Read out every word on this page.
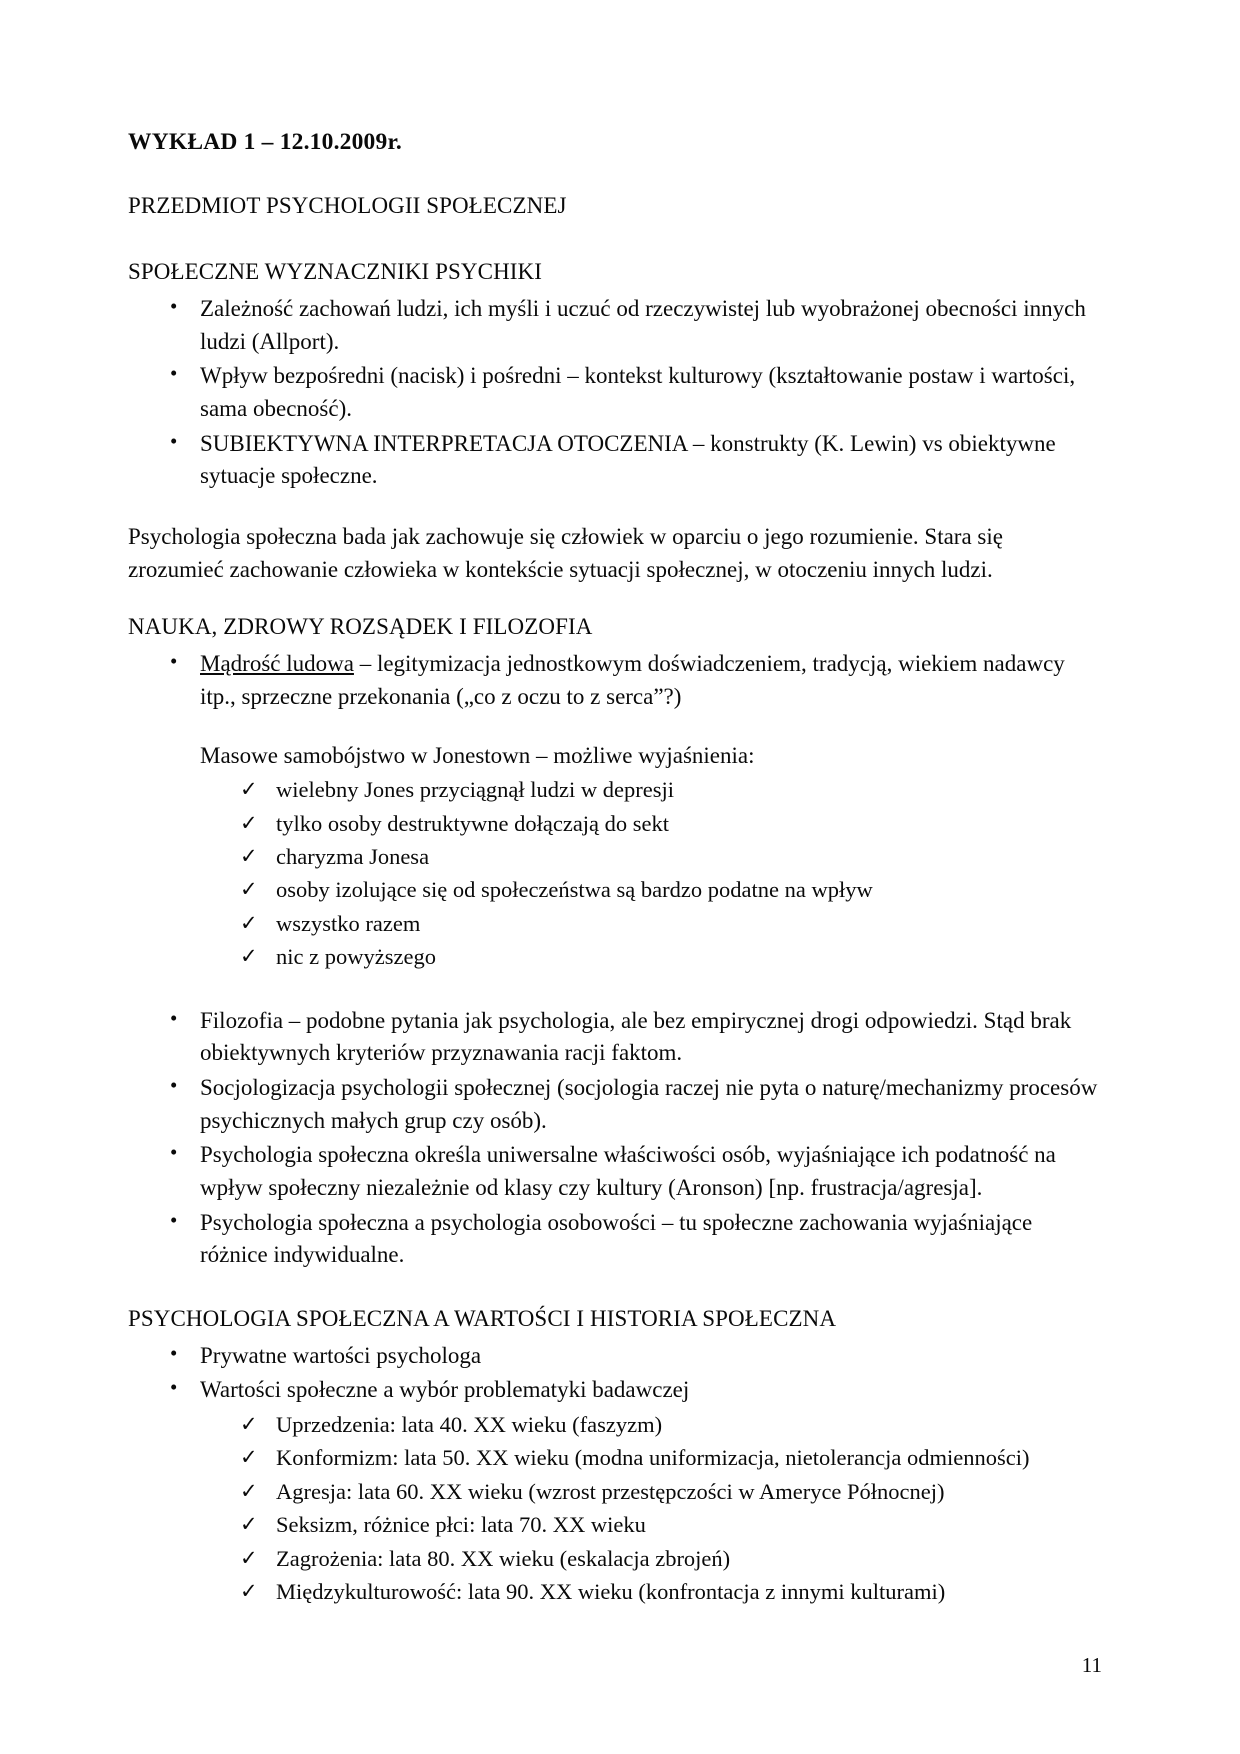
WYKŁAD 1 – 12.10.2009r.

PRZEDMIOT PSYCHOLOGII SPOŁECZNEJ

SPOŁECZNE WYZNACZNIKI PSYCHIKI

• Zależność zachowań ludzi, ich myśli i uczuć od rzeczywistej lub wyobrażonej obecności innych ludzi (Allport).
• Wpływ bezpośredni (nacisk) i pośredni – kontekst kulturowy (kształtowanie postaw i wartości, sama obecność).
• SUBIEKTYWNA INTERPRETACJA OTOCZENIA – konstrukty (K. Lewin) vs obiektywne sytuacje społeczne.

Psychologia społeczna bada jak zachowuje się człowiek w oparciu o jego rozumienie. Stara się zrozumieć zachowanie człowieka w kontekście sytuacji społecznej, w otoczeniu innych ludzi.

NAUKA, ZDROWY ROZSĄDEK I FILOZOFIA

• Mądrość ludowa – legitymizacja jednostkowym doświadczeniem, tradycją, wiekiem nadawcy itp., sprzeczne przekonania („co z oczu to z serca”?)

Masowe samobójstwo w Jonestown – możliwe wyjaśnienia:

✓ wielebny Jones przyciągnął ludzi w depresji
✓ tylko osoby destruktywne dołączają do sekt
✓ charyzma Jonesa
✓ osoby izolujące się od społeczeństwa są bardzo podatne na wpływ
✓ wszystko razem
✓ nic z powyższego
• Filozofia – podobne pytania jak psychologia, ale bez empirycznej drogi odpowiedzi. Stąd brak obiektywnych kryteriów przyznawania racji faktom.
• Socjologizacja psychologii społecznej (socjologia raczej nie pyta o naturę/mechanizmy procesów psychicznych małych grup czy osób).
• Psychologia społeczna określa uniwersalne właściwości osób, wyjaśniające ich podatność na wpływ społeczny niezależnie od klasy czy kultury (Aronson) [np. frustracja/agresja].
• Psychologia społeczna a psychologia osobowości – tu społeczne zachowania wyjaśniające różnice indywidualne.

PSYCHOLOGIA SPOŁECZNA A WARTOŚCI I HISTORIA SPOŁECZNA

• Prywatne wartości psychologa
• Wartości społeczne a wybór problematyki badawczej
✓ Uprzedzenia: lata 40. XX wieku (faszyzm)
✓ Konformizm: lata 50. XX wieku (modna uniformizacja, nietolerancja odmienności)
✓ Agresja: lata 60. XX wieku (wzrost przestępczości w Ameryce Północnej)
✓ Seksizm, różnice płci: lata 70. XX wieku
✓ Zagrożenia: lata 80. XX wieku (eskalacja zbrojeń)
✓ Międzykulturowość: lata 90. XX wieku (konfrontacja z innymi kulturami)
11
